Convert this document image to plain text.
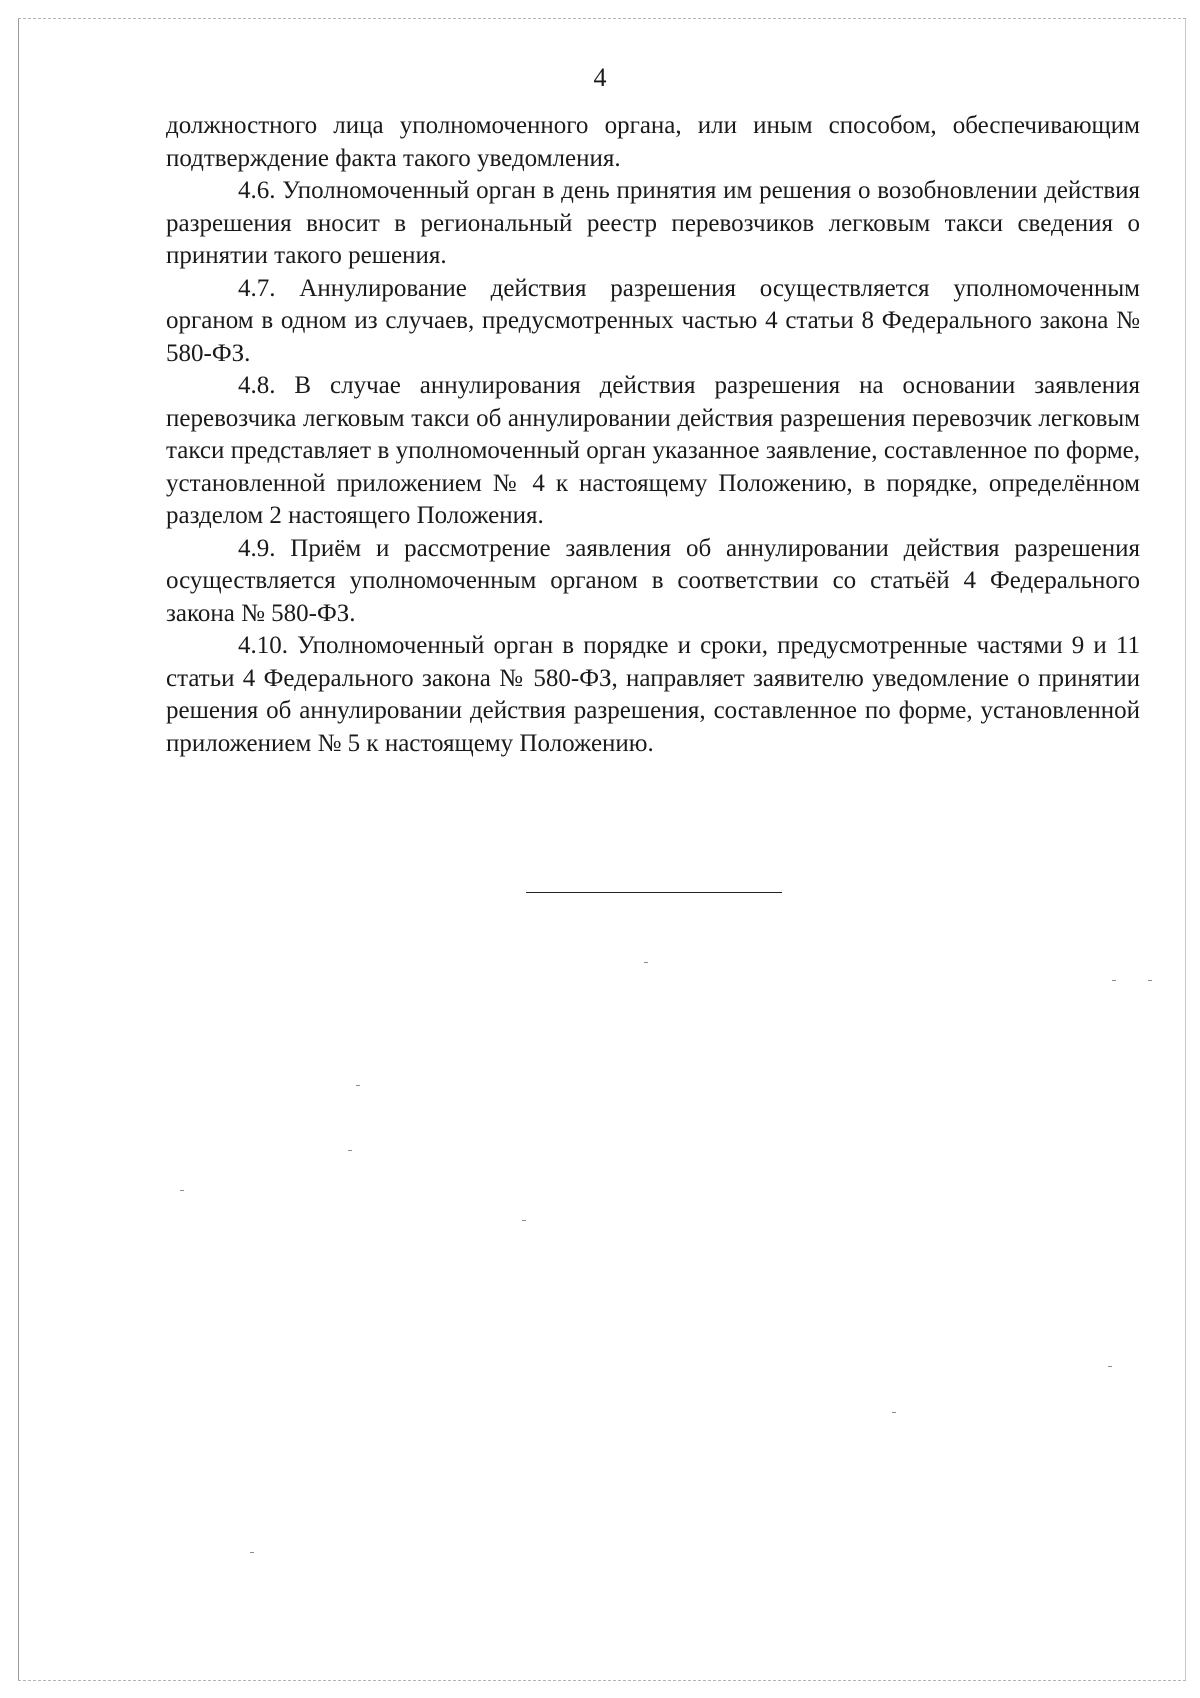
4

должностного лица уполномоченного органа, или иным способом, обеспечивающим подтверждение факта такого уведомления.

4.6. Уполномоченный орган в день принятия им решения о возобновлении действия разрешения вносит в региональный реестр перевозчиков легковым такси сведения о принятии такого решения.

4.7. Аннулирование действия разрешения осуществляется уполномоченным органом в одном из случаев, предусмотренных частью 4 статьи 8 Федерального закона № 580-ФЗ.

4.8. В случае аннулирования действия разрешения на основании заявления перевозчика легковым такси об аннулировании действия разрешения перевозчик легковым такси представляет в уполномоченный орган указанное заявление, составленное по форме, установленной приложением № 4 к настоящему Положению, в порядке, определённом разделом 2 настоящего Положения.

4.9. Приём и рассмотрение заявления об аннулировании действия разрешения осуществляется уполномоченным органом в соответствии со статьёй 4 Федерального закона № 580-ФЗ.

4.10. Уполномоченный орган в порядке и сроки, предусмотренные частями 9 и 11 статьи 4 Федерального закона № 580-ФЗ, направляет заявителю уведомление о принятии решения об аннулировании действия разрешения, составленное по форме, установленной приложением № 5 к настоящему Положению.
